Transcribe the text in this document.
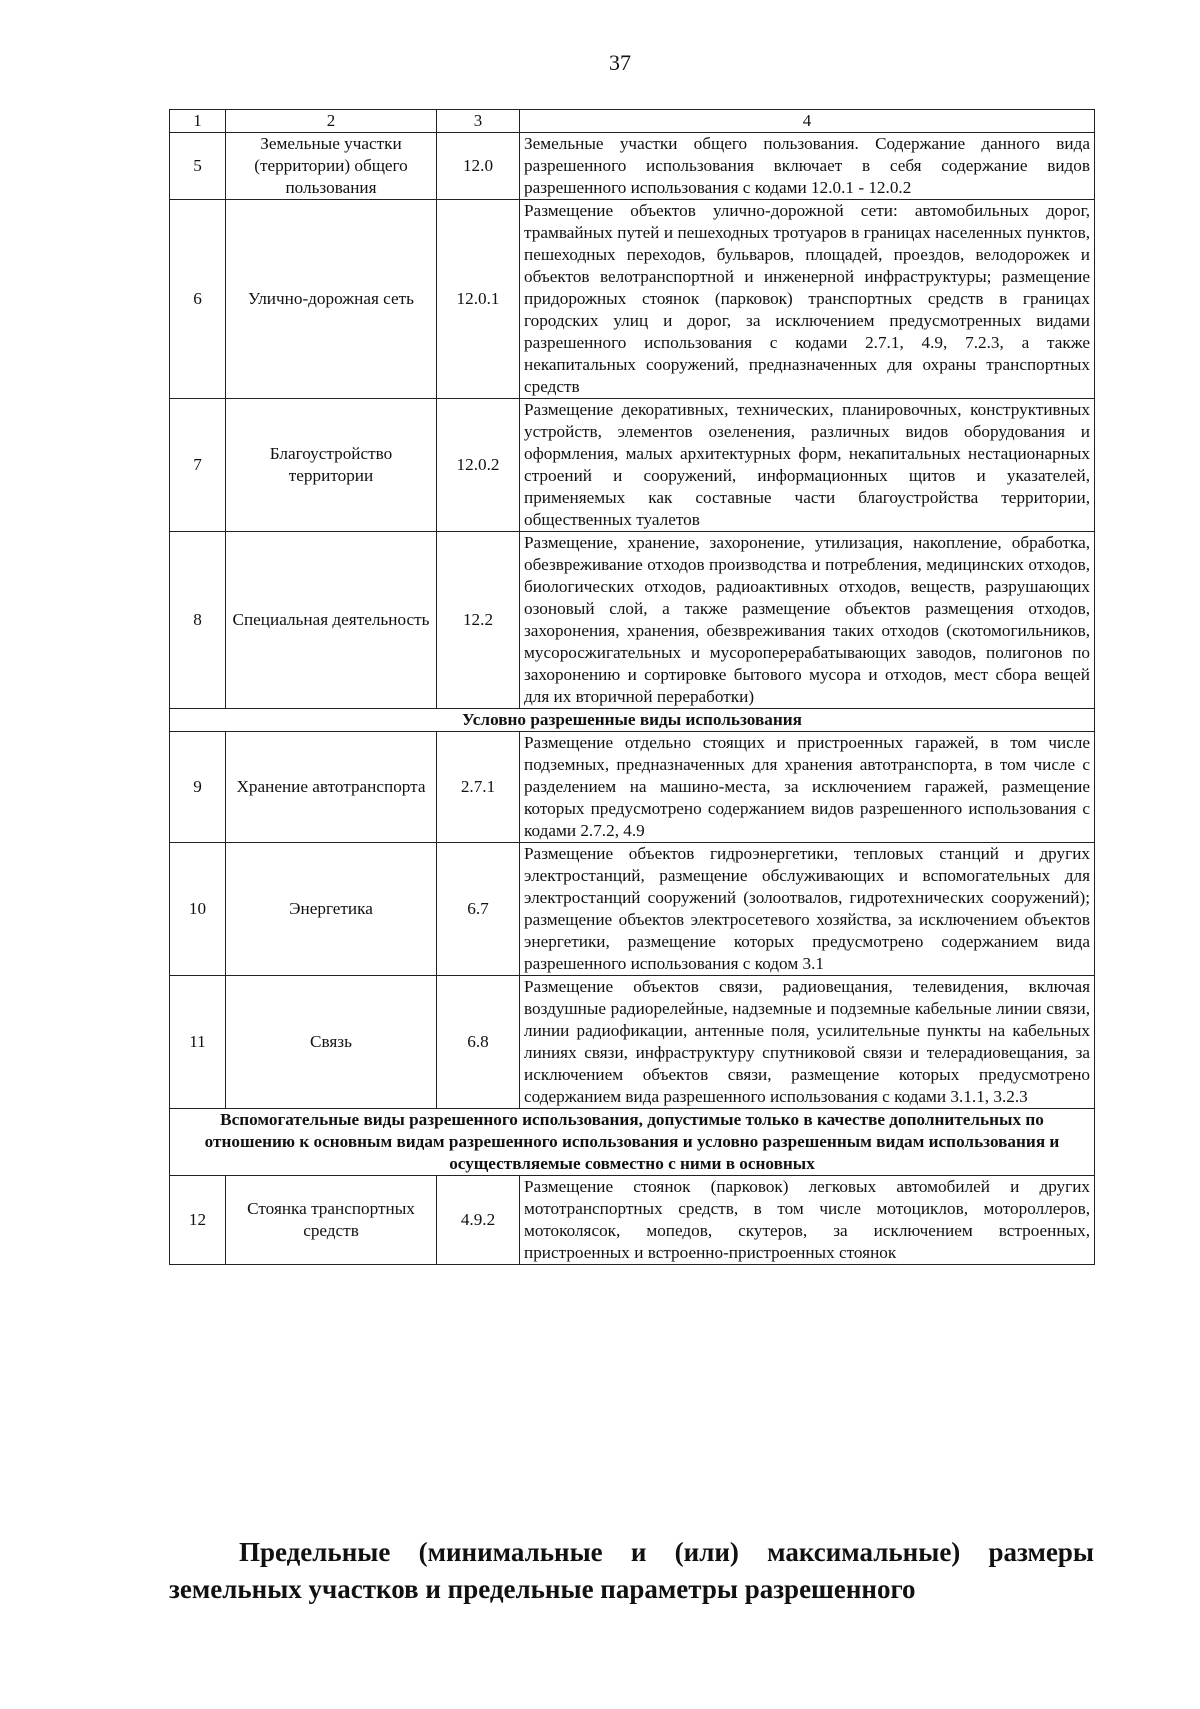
37
1	2	3	4
5	Земельные участки (территории) общего пользования	12.0	Земельные участки общего пользования. Содержание данного вида разрешенного использования включает в себя содержание видов разрешенного использования с кодами 12.0.1 - 12.0.2
6	Улично-дорожная сеть	12.0.1	Размещение объектов улично-дорожной сети: автомобильных дорог, трамвайных путей и пешеходных тротуаров в границах населенных пунктов, пешеходных переходов, бульваров, площадей, проездов, велодорожек и объектов велотранспортной и инженерной инфраструктуры; размещение придорожных стоянок (парковок) транспортных средств в границах городских улиц и дорог, за исключением предусмотренных видами разрешенного использования с кодами 2.7.1, 4.9, 7.2.3, а также некапитальных сооружений, предназначенных для охраны транспортных средств
7	Благоустройство территории	12.0.2	Размещение декоративных, технических, планировочных, конструктивных устройств, элементов озеленения, различных видов оборудования и оформления, малых архитектурных форм, некапитальных нестационарных строений и сооружений, информационных щитов и указателей, применяемых как составные части благоустройства территории, общественных туалетов
8	Специальная деятельность	12.2	Размещение, хранение, захоронение, утилизация, накопление, обработка, обезвреживание отходов производства и потребления, медицинских отходов, биологических отходов, радиоактивных отходов, веществ, разрушающих озоновый слой, а также размещение объектов размещения отходов, захоронения, хранения, обезвреживания таких отходов (скотомогильников, мусоросжигательных и мусороперерабатывающих заводов, полигонов по захоронению и сортировке бытового мусора и отходов, мест сбора вещей для их вторичной переработки)
Условно разрешенные виды использования			
9	Хранение автотранспорта	2.7.1	Размещение отдельно стоящих и пристроенных гаражей, в том числе подземных, предназначенных для хранения автотранспорта, в том числе с разделением на машино-места, за исключением гаражей, размещение которых предусмотрено содержанием видов разрешенного использования с кодами 2.7.2, 4.9
10	Энергетика	6.7	Размещение объектов гидроэнергетики, тепловых станций и других электростанций, размещение обслуживающих и вспомогательных для электростанций сооружений (золоотвалов, гидротехнических сооружений); размещение объектов электросетевого хозяйства, за исключением объектов энергетики, размещение которых предусмотрено содержанием вида разрешенного использования с кодом 3.1
11	Связь	6.8	Размещение объектов связи, радиовещания, телевидения, включая воздушные радиорелейные, надземные и подземные кабельные линии связи, линии радиофикации, антенные поля, усилительные пункты на кабельных линиях связи, инфраструктуру спутниковой связи и телерадиовещания, за исключением объектов связи, размещение которых предусмотрено содержанием вида разрешенного использования с кодами 3.1.1, 3.2.3
Вспомогательные виды разрешенного использования, допустимые только в качестве дополнительных по отношению к основным видам разрешенного использования и условно разрешенным видам использования и осуществляемые совместно с ними в основных			
12	Стоянка транспортных средств	4.9.2	Размещение стоянок (парковок) легковых автомобилей и других мототранспортных средств, в том числе мотоциклов, мотороллеров, мотоколясок, мопедов, скутеров, за исключением встроенных, пристроенных и встроенно-пристроенных стоянок
Предельные (минимальные и (или) максимальные) размеры земельных участков и предельные параметры разрешенного
